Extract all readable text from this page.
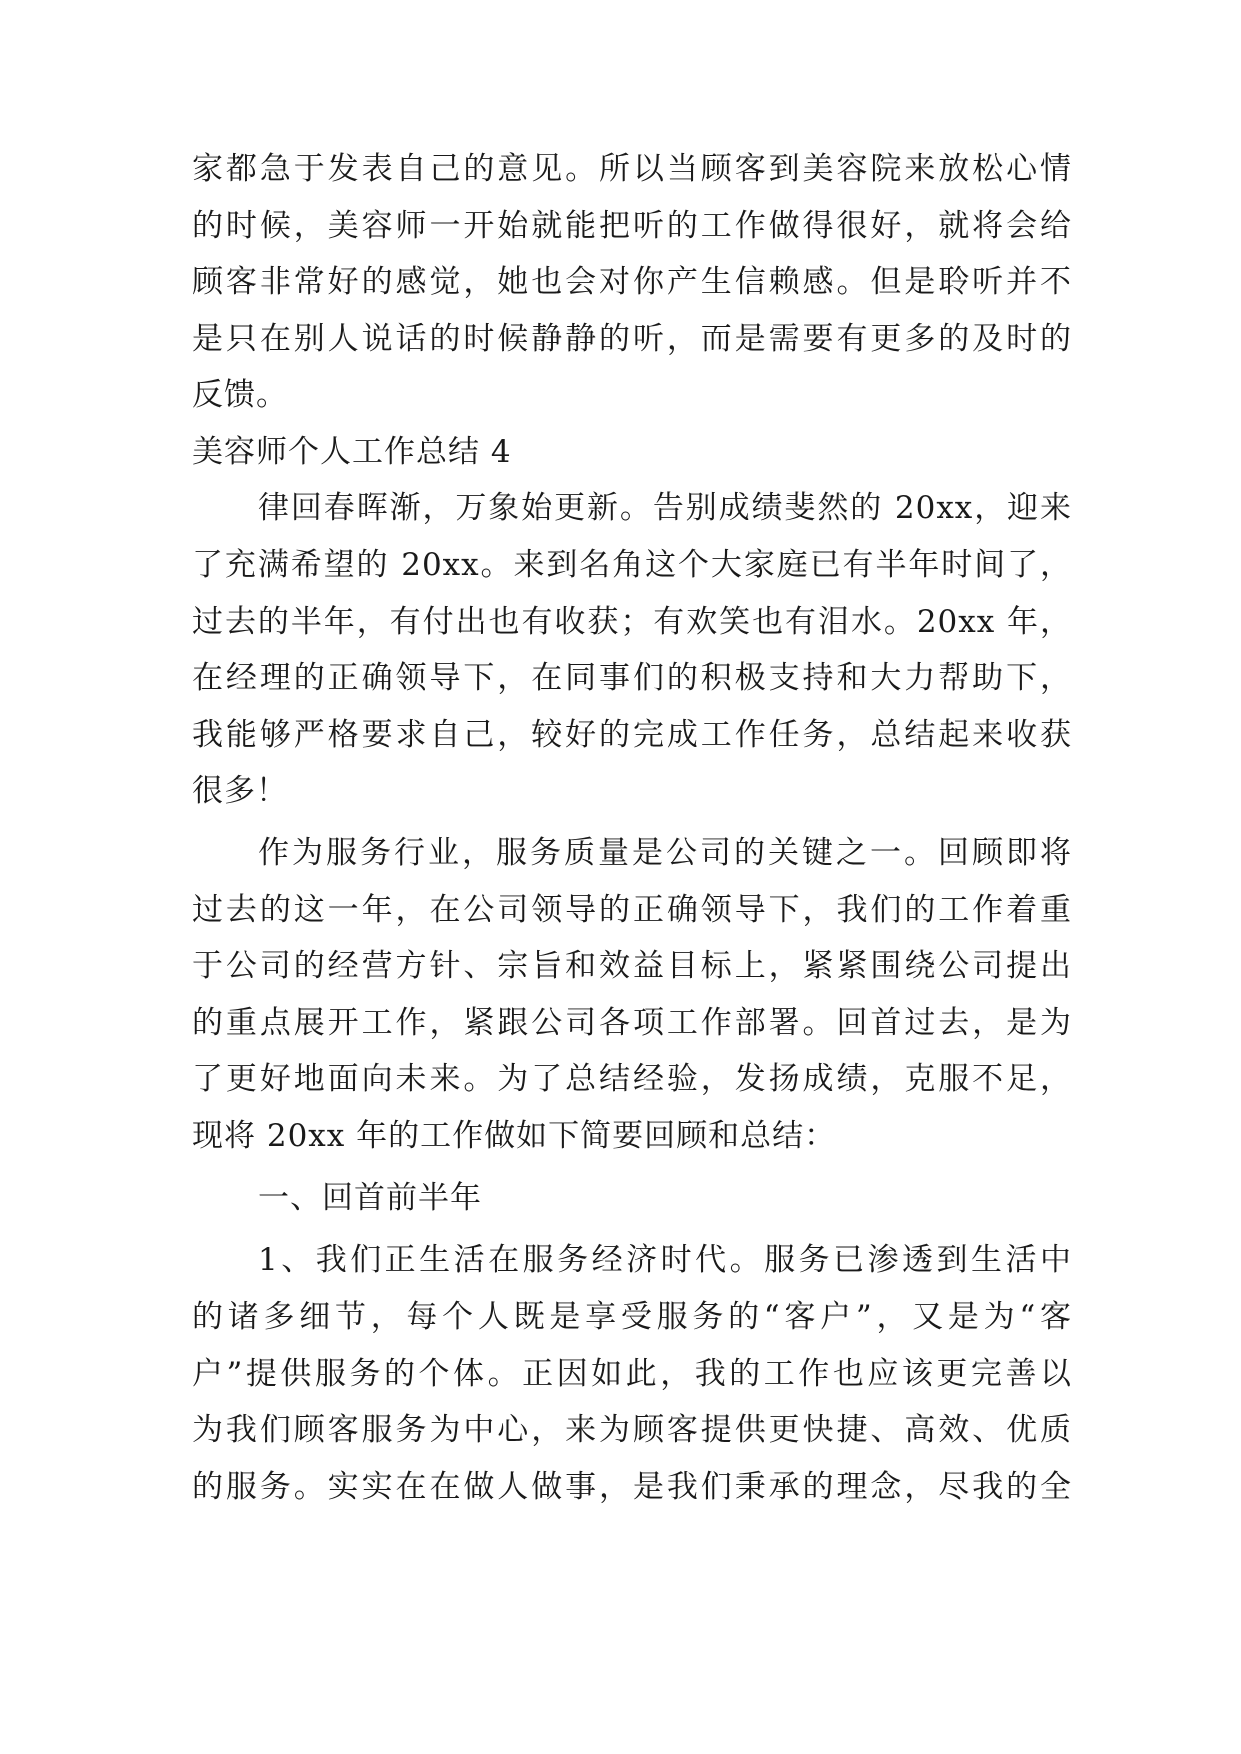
家都急于发表自己的意见。所以当顾客到美容院来放松心情
的时候，美容师一开始就能把听的工作做得很好，就将会给
顾客非常好的感觉，她也会对你产生信赖感。但是聆听并不
是只在别人说话的时候静静的听，而是需要有更多的及时的
反馈。
美容师个人工作总结 4
律回春晖渐，万象始更新。告别成绩斐然的 20xx，迎来
了充满希望的 20xx。来到名角这个大家庭已有半年时间了，
过去的半年，有付出也有收获；有欢笑也有泪水。20xx 年，
在经理的正确领导下，在同事们的积极支持和大力帮助下，
我能够严格要求自己，较好的完成工作任务，总结起来收获
很多！
作为服务行业，服务质量是公司的关键之一。回顾即将
过去的这一年，在公司领导的正确领导下，我们的工作着重
于公司的经营方针、宗旨和效益目标上，紧紧围绕公司提出
的重点展开工作，紧跟公司各项工作部署。回首过去，是为
了更好地面向未来。为了总结经验，发扬成绩，克服不足，
现将 20xx 年的工作做如下简要回顾和总结：
一、回首前半年
1、我们正生活在服务经济时代。服务已渗透到生活中
的诸多细节，每个人既是享受服务的“客户”，又是为“客
户”提供服务的个体。正因如此，我的工作也应该更完善以
为我们顾客服务为中心，来为顾客提供更快捷、高效、优质
的服务。实实在在做人做事，是我们秉承的理念，尽我的全
